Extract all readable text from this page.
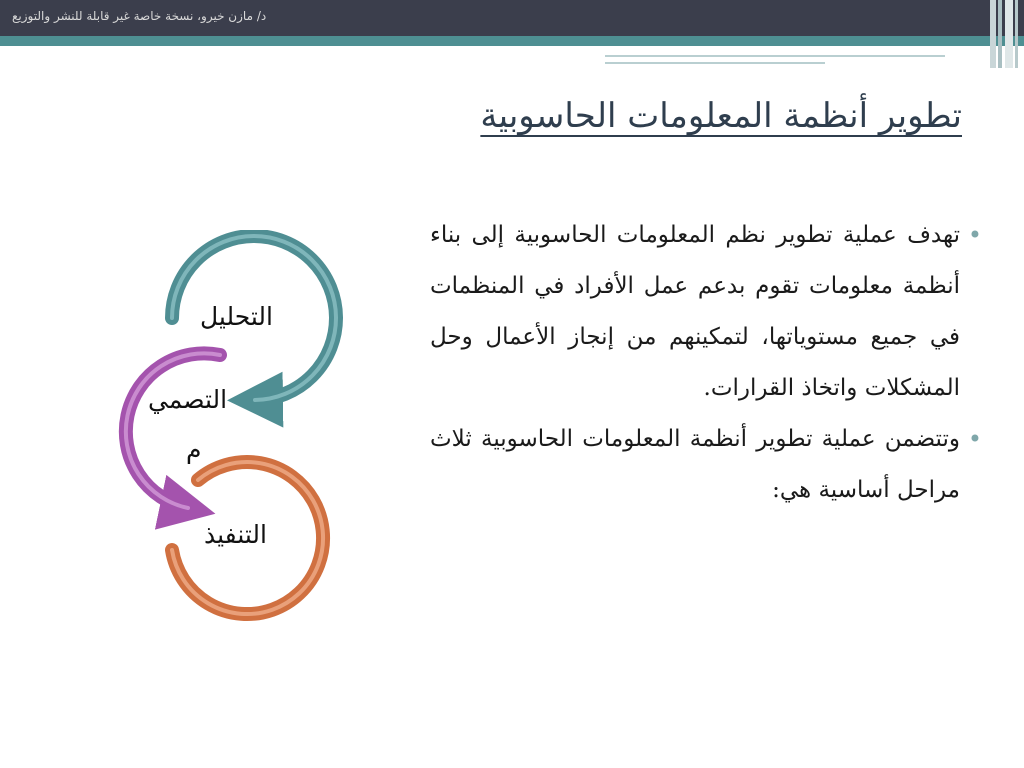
د/ مازن خيرو، نسخة خاصة غير قابلة للنشر والتوزيع
تطوير أنظمة المعلومات الحاسوبية
•
تهدف عملية تطوير نظم المعلومات الحاسوبية إلى بناء أنظمة معلومات تقوم بدعم عمل الأفراد في المنظمات في جميع مستوياتها، لتمكينهم من إنجاز الأعمال وحل المشكلات واتخاذ القرارات.
•
وتتضمن عملية تطوير أنظمة المعلومات الحاسوبية ثلاث مراحل أساسية هي:
التحليل
التصمي
م
التنفيذ
